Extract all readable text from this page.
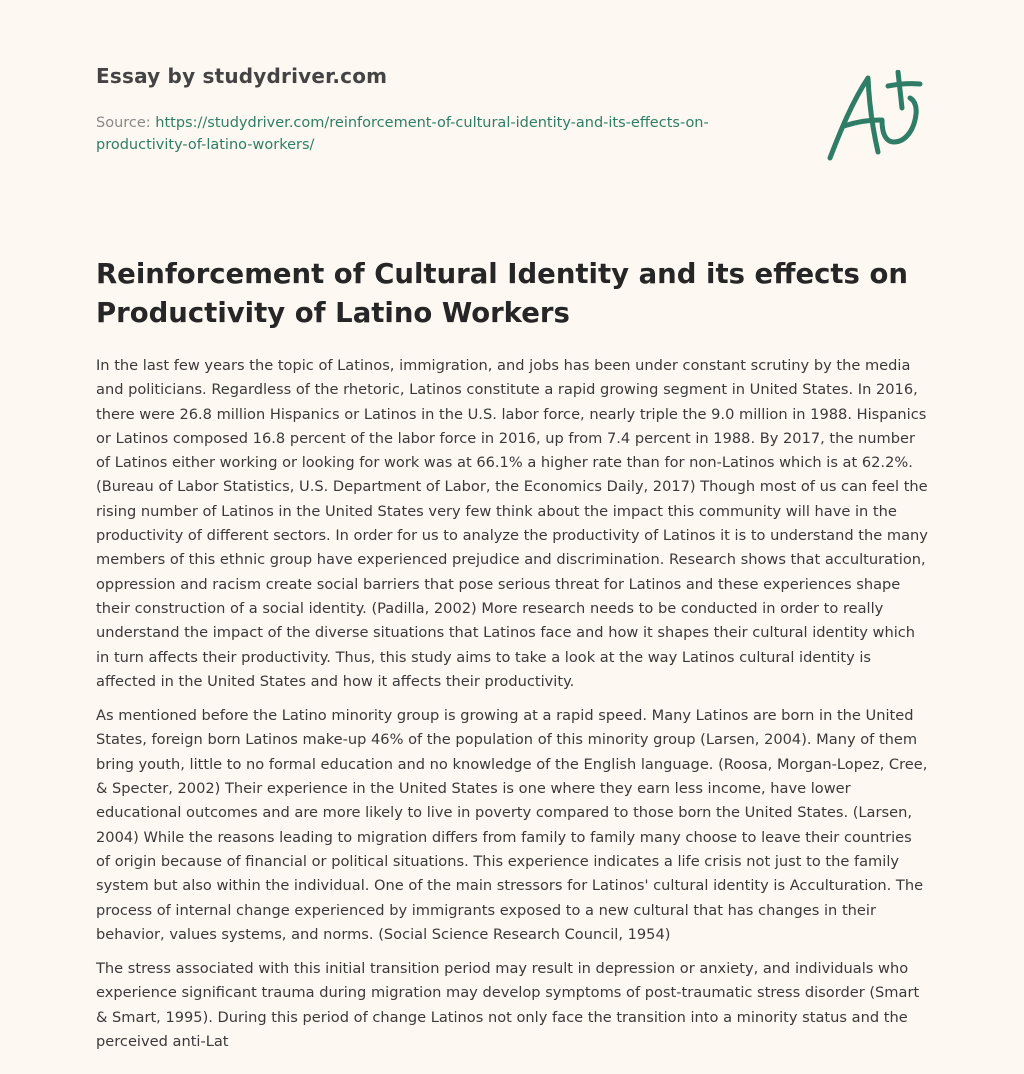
Essay by studydriver.com
Source: https://studydriver.com/reinforcement-of-cultural-identity-and-its-effects-on-productivity-of-latino-workers/
Reinforcement of Cultural Identity and its effects on Productivity of Latino Workers

In the last few years the topic of Latinos, immigration, and jobs has been under constant scrutiny by the media and politicians. Regardless of the rhetoric, Latinos constitute a rapid growing segment in United States. In 2016, there were 26.8 million Hispanics or Latinos in the U.S. labor force, nearly triple the 9.0 million in 1988. Hispanics or Latinos composed 16.8 percent of the labor force in 2016, up from 7.4 percent in 1988. By 2017, the number of Latinos either working or looking for work was at 66.1% a higher rate than for non-Latinos which is at 62.2%. (Bureau of Labor Statistics, U.S. Department of Labor, the Economics Daily, 2017) Though most of us can feel the rising number of Latinos in the United States very few think about the impact this community will have in the productivity of different sectors. In order for us to analyze the productivity of Latinos it is to understand the many members of this ethnic group have experienced prejudice and discrimination. Research shows that acculturation, oppression and racism create social barriers that pose serious threat for Latinos and these experiences shape their construction of a social identity. (Padilla, 2002) More research needs to be conducted in order to really understand the impact of the diverse situations that Latinos face and how it shapes their cultural identity which in turn affects their productivity. Thus, this study aims to take a look at the way Latinos cultural identity is affected in the United States and how it affects their productivity.

As mentioned before the Latino minority group is growing at a rapid speed. Many Latinos are born in the United States, foreign born Latinos make-up 46% of the population of this minority group (Larsen, 2004). Many of them bring youth, little to no formal education and no knowledge of the English language. (Roosa, Morgan-Lopez, Cree, & Specter, 2002) Their experience in the United States is one where they earn less income, have lower educational outcomes and are more likely to live in poverty compared to those born the United States. (Larsen, 2004) While the reasons leading to migration differs from family to family many choose to leave their countries of origin because of financial or political situations. This experience indicates a life crisis not just to the family system but also within the individual. One of the main stressors for Latinos' cultural identity is Acculturation. The process of internal change experienced by immigrants exposed to a new cultural that has changes in their behavior, values systems, and norms. (Social Science Research Council, 1954)

The stress associated with this initial transition period may result in depression or anxiety, and individuals who experience significant trauma during migration may develop symptoms of post-traumatic stress disorder (Smart & Smart, 1995). During this period of change Latinos not only face the transition into a minority status and the perceived anti-Lat
